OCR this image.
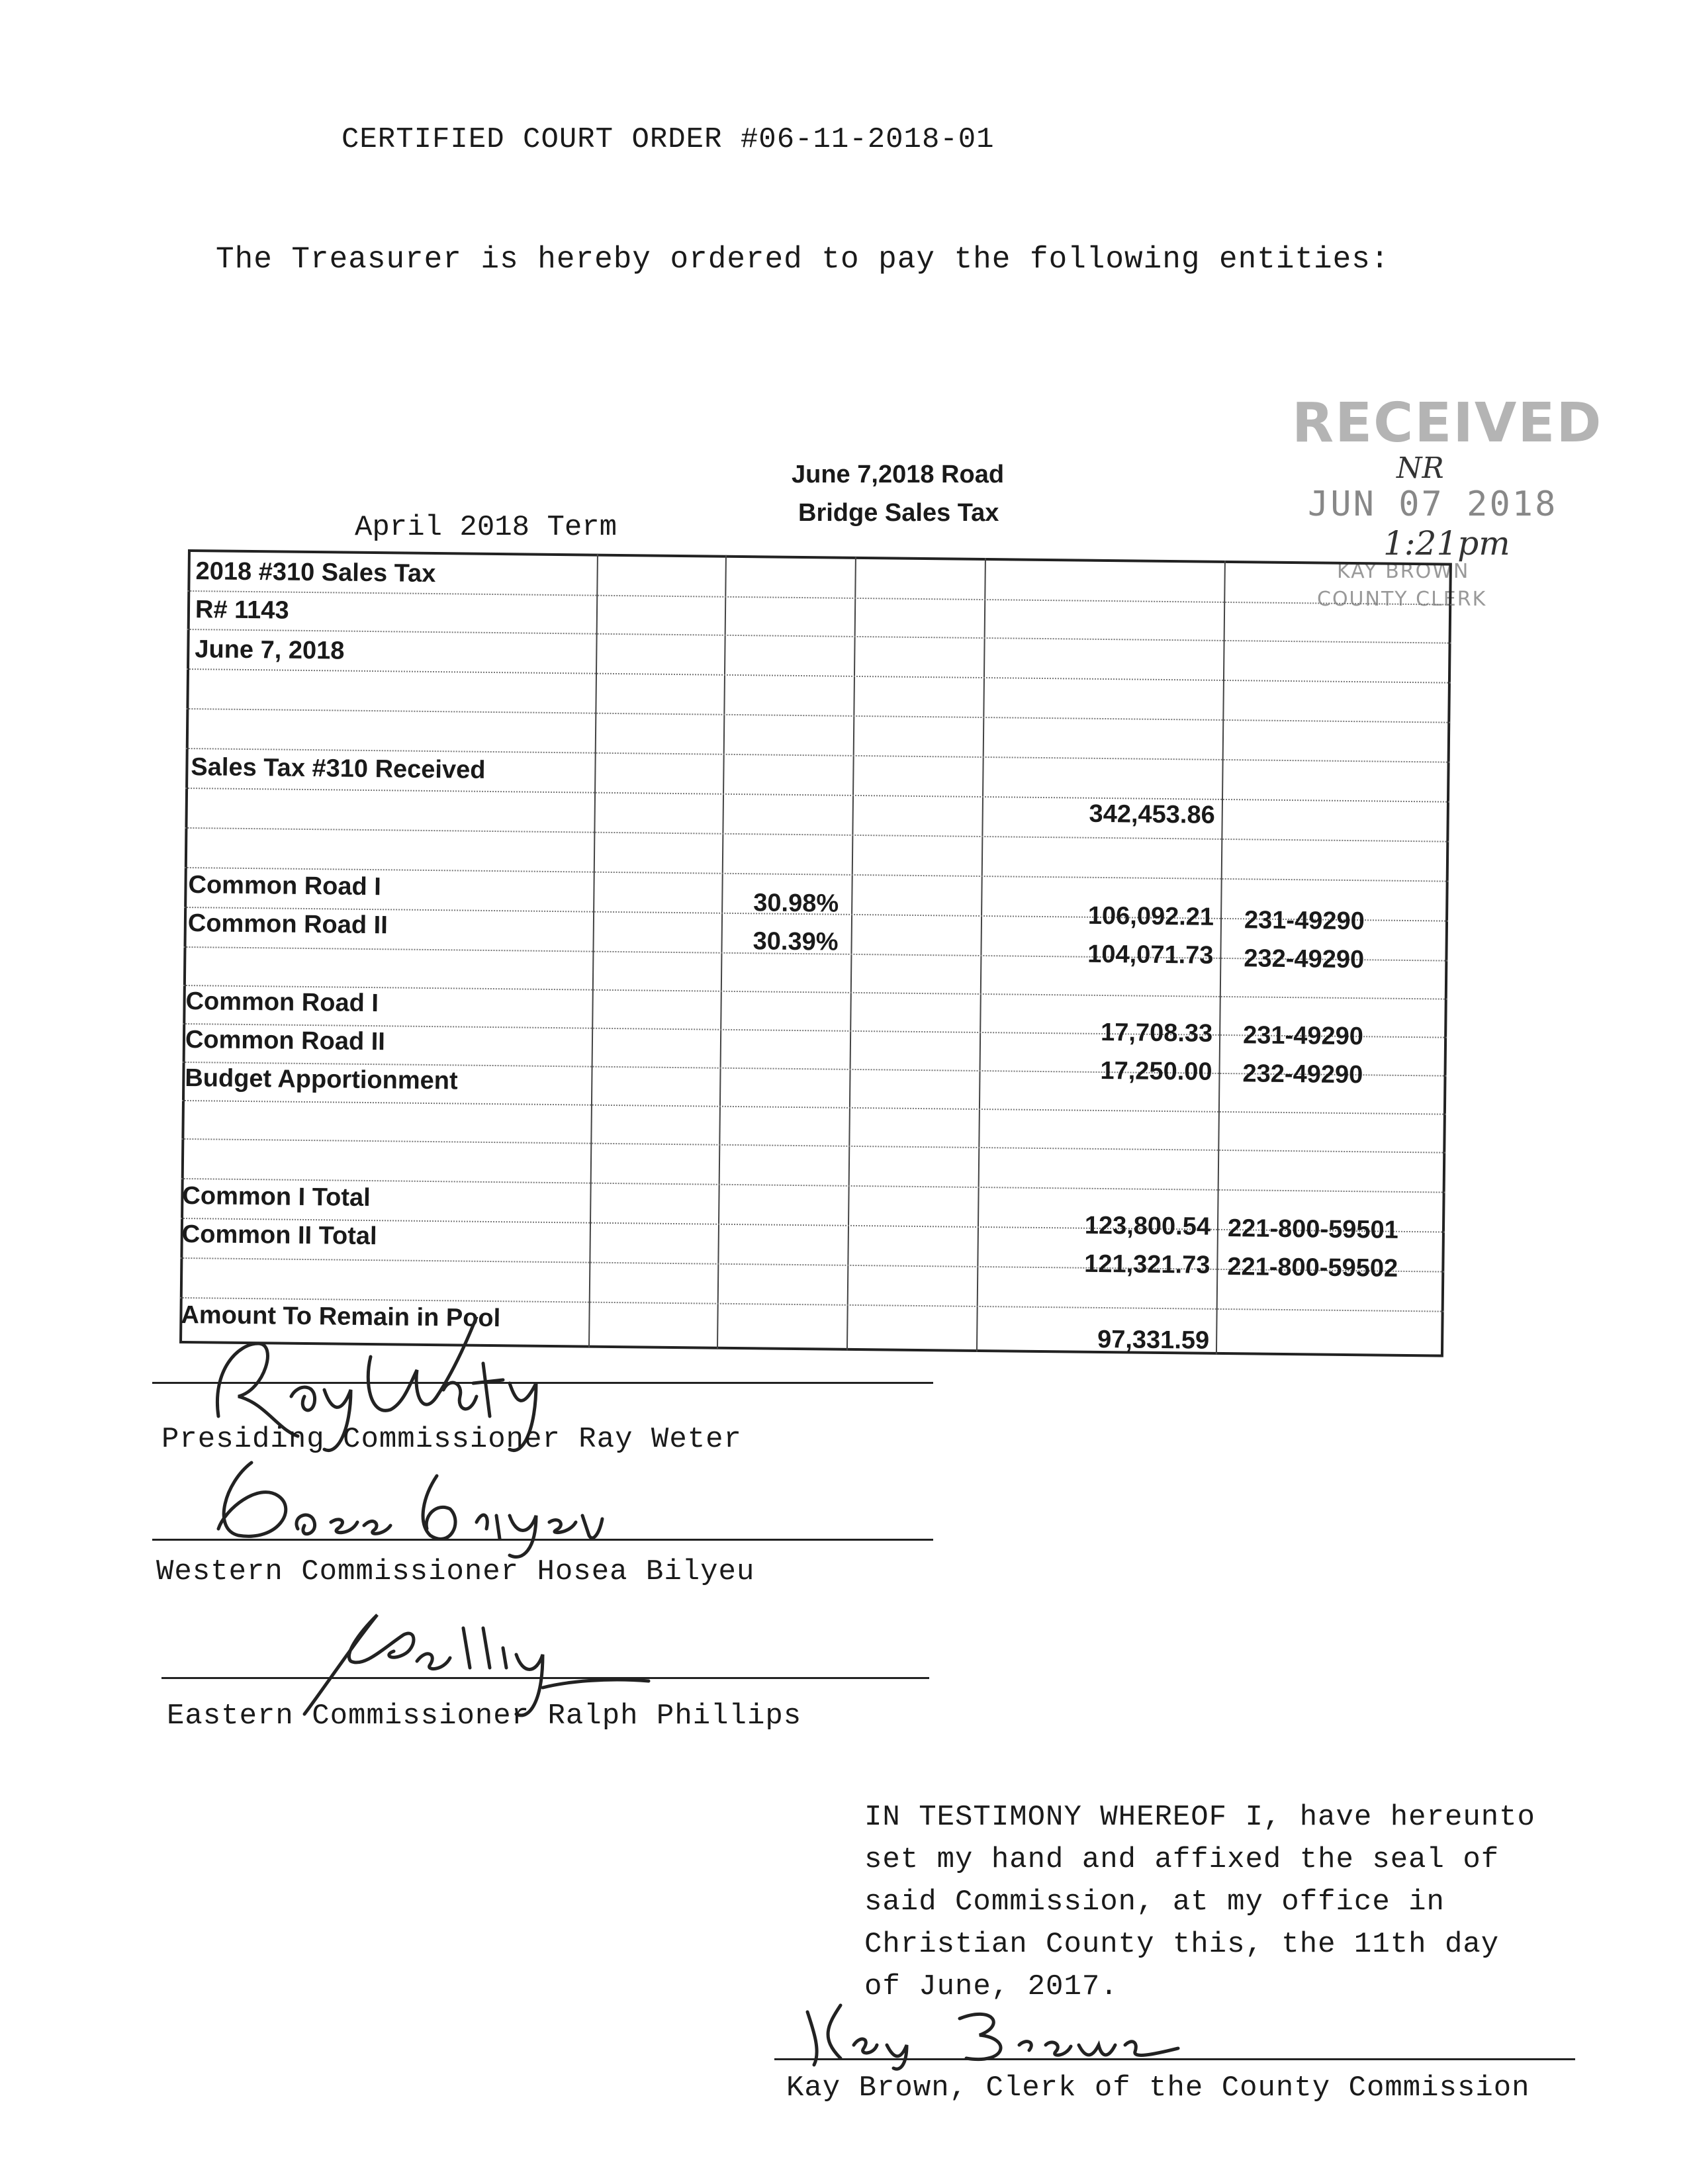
CERTIFIED COURT ORDER #06-11-2018-01
The Treasurer is hereby ordered to pay the following entities:
April 2018 Term
June 7,2018 Road
Bridge Sales Tax
RECEIVED
NR
JUN 07 2018
1:21pm
KAY BROWN
COUNTY CLERK
2018 #310 Sales Tax
R# 1143
June 7, 2018
Sales Tax #310 Received
342,453.86
Common Road I
Common Road II
30.98%
30.39%
106,092.21
104,071.73
231-49290
232-49290
Common Road I
Common Road II
Budget Apportionment
17,708.33
17,250.00
231-49290
232-49290
Common I Total
Common II Total	123,800.54
121,321.73
221-800-59501
221-800-59502
Amount To Remain in Pool
97,331.59
Presiding Commissioner Ray Weter
Western Commissioner Hosea Bilyeu
Eastern Commissioner Ralph Phillips
IN TESTIMONY WHEREOF I, have hereunto
set my hand and affixed the seal of
said Commission, at my office in
Christian County this, the 11th day
of June, 2017.
Kay Brown, Clerk of the County Commission
